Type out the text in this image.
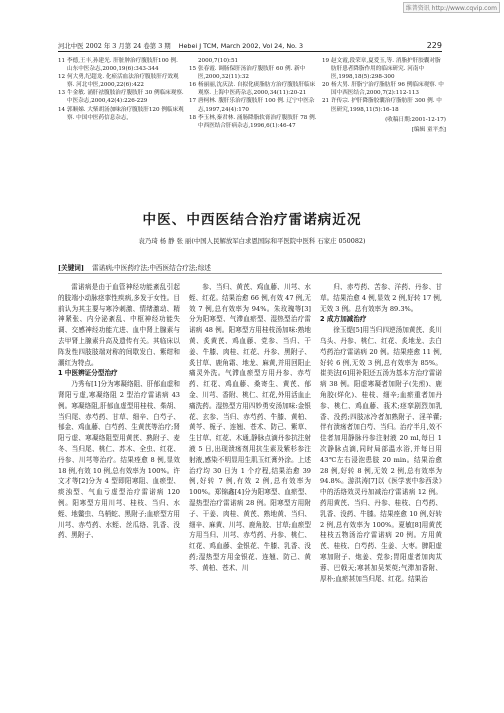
维普资讯 http://www.cqvip.com
河北中医 2002 年 3 月第 24 卷第 3 期 Hebei J TCM, March 2002, Vol 24, No. 3	229
11 李德,王丰,孙建光. 肝脏肿治疗腹肢肝100 例. 山东中医杂志,2000,19(6):343-344
12 何大勇,纪超龙. 化瘀活血法治疗腹肢肝疗效观察. 河北中医,2000,22(6):422
13 牛金敏. 涌肝祛腹肢治疗腹肢肝 30 例临床观察. 中医杂志,2000,42(4):226-229
14 郭顺娣. 大柴胡汤加味治疗腹肢肝120 例临床观察. 中国中医药信息杂志,
2000,7(10):51
15 张春霞. 调肠保肝汤治疗腹肢肝 60 例. 新中医,2000,32(11):32
16 杨丽丽,沈庆法. 自拟化痰脂肪方治疗腹肢肝临床观察. 上海中医药杂志,2000,34(11):20-21
17 唐柯林. 腹肝乐治疗腹肢肝 100 例. 辽宁中医杂志,1997,24(4):170
18 李玉林,秦君林. 涌肠降脂软膏治疗腹肢肝 78 例. 中西医结合肝病杂志,1996,6(1):46-47
19 赵文霞,段荣章,夏爱玉,等. 消脂护肝胶囊对脂肪肝患者降脂作用的临床研究. 河南中医,1998,18(5):298-300
20 杨大男. 肝脂宁治疗脂肪肝 96 例临床观察. 中国中西医结合,2000,7(2):112-113
21 许传宗. 护肝降脂胶囊治疗脂肪肝 300 例. 中医研究,1998,11(5):16-18
(收稿日期:2001-12-17)
[编辑 童平杰]
中医、中西医结合治疗雷诺病近况
袁乃琦 杨 静 张 丽(中国人民解放军白求恩国际和平医院中医科 石家庄 050082)
[关键词] 雷诺病;中医药疗法;中西医结合疗法;综述

雷诺病是由于血管神经功能紊乱引起的肢端小动脉痉挛性疾病,多发于女性。目前认为其主要与寒冷刺激、情绪激动、精神紧张、内分泌紊乱、中枢神经功能失调、交感神经功能亢进、血中肾上腺素与去甲肾上腺素升高及遗传有关。其临床以阵发性四肢肢端对称的间歇发白、紫绀和潮红为特点。

1 中医辨证分型治疗

乃秀布[1]分为寒凝络阻、肝郁血虚和肾阳亏虚,寒凝络阻 2 型治疗雷诺病 43 例。寒凝络阻,肝郁血虚型用桂枝、柴胡、当归尾、赤芍药、甘草、细辛、白芍子、郁金、鸡血藤、白芍药、生黄芪等治疗;肾阳亏虚、寒凝络阻型用黄芪、熟附子、麦冬、当归尾、桃仁、苏木、全虫、红花、丹参、川芎等治疗。结果痊愈 8 例,显效 18 例,有效 10 例,总有效率为 100%。许文才等[2]分为 4 型即阳寒阻、血瘀型、痰浊型、气血亏虚型治疗雷诺病 120 例。阳寒型方用川芎、桂枝、当归、水蛭、地鳖虫、乌梢蛇、黑附子;血瘀型方用川芎、赤芍药、水蛭、丝瓜络、乳香、没药、黑附子、

参、当归、黄芪、鸡血藤、川芎、水蛭、红花。结果治愈 66 例,有效 47 例,无效 7 例,总有效率为 94%。朱玫瑰等[3]分为阳寒型、气滞血瘀型、湿热型治疗雷诺病 48 例。阳寒型方用桂枝汤加味:熟地黄、炙黄芪、鸡血藤、党参、当归、干姜、牛膝、肉桂、红花、丹参、黑附子、炙甘草、鹿角霜、地龙、麻黄,并用回阳止痛灵外洗。气滞血瘀型方用丹参、赤芍药、红花、鸡血藤、桑寄生、黄芪、郁金、川芎、香附、桃仁、红花,外用活血止痛洗药。湿热型方用四妙勇安汤加味:金银花、玄参、当归、赤芍药、牛膝、黄柏、黄芩、栀子、连翘、苍术、防己、紫草、生甘草、红花、木通,静脉点滴丹参抗注射液 5 日,出现溃疡剂用抗生素及紫杉参注射液,感染不明显用生肌玉红膏外涂。上述治疗均 30 日为 1 个疗程,结果治愈 39 例,好转 7 例,有效 2 例,总有效率为 100%。郑锦鑫[4]分为阳寒型、血瘀型、湿热型治疗雷诺病 28 例。阳寒型方用附子、干姜、肉桂、黄芪、熟地黄、当归、细辛、麻黄、川芎、鹿角胶、甘草;血瘀型方用当归、川芎、赤芍药、丹参、桃仁、红花、鸡血藤、金银花、牛膝、乳香、没药;湿热型方用金银花、连翘、防己、黄芩、黄柏、苍术、川

归、赤芍药、苦参、洋药、丹参、甘草。结果治愈 4 例,显效 2 例,好转 17 例,无效 3 例。总有效率为 89.3%。

2 成方加减治疗

徐玉缇[5]用当归四逆汤加黄芪、炙川乌头、丹参、桃仁、红花、炙地龙、去白芍药治疗雷诺病 20 例。结果痊愈 11 例,好转 6 例,无效 3 例,总有效率为 85%。崔美法[6]用补阳还五汤为基本方治疗雷诺病 38 例。阳虚寒凝者加附子(先煎)、鹿角胶(烊化)、桂枝、细辛;血瘀重者加丹参、桃仁、鸡血藤、莪术;痉挛剧烈加乳香、没药;四肢冰冷者加熟附子、淫羊藿;伴有溃疡者加白芍、当归。治疗半月,效不佳者加用静脉丹参注射液 20 ml,每日 1 次静脉点滴,同时局部温水浴,并每日用 43℃左右浸泡患肢 20 min。结果治愈 28 例,好转 8 例,无效 2 例,总有效率为 94.8%。游洪涛[7]以《医学衷中参西录》中的活络效灵丹加减治疗雷诺病 12 例。药用黄芪、当归、丹参、桂枝、白芍药、乳香、没药、牛膝。结果痊愈 10 例,好转 2 例,总有效率为 100%。夏敏[8]用黄芪桂枝五物汤治疗雷诺病 20 例。方用黄芪、桂枝、白芍药、生姜、大枣。脾阳虚寒加附子、炮姜、党参;胃阳虚者加肉苁蓉、巴戟天;寒甚加吴茱萸;气滞加香附、厚朴;血瘀甚加当归尾、红花。结果治
